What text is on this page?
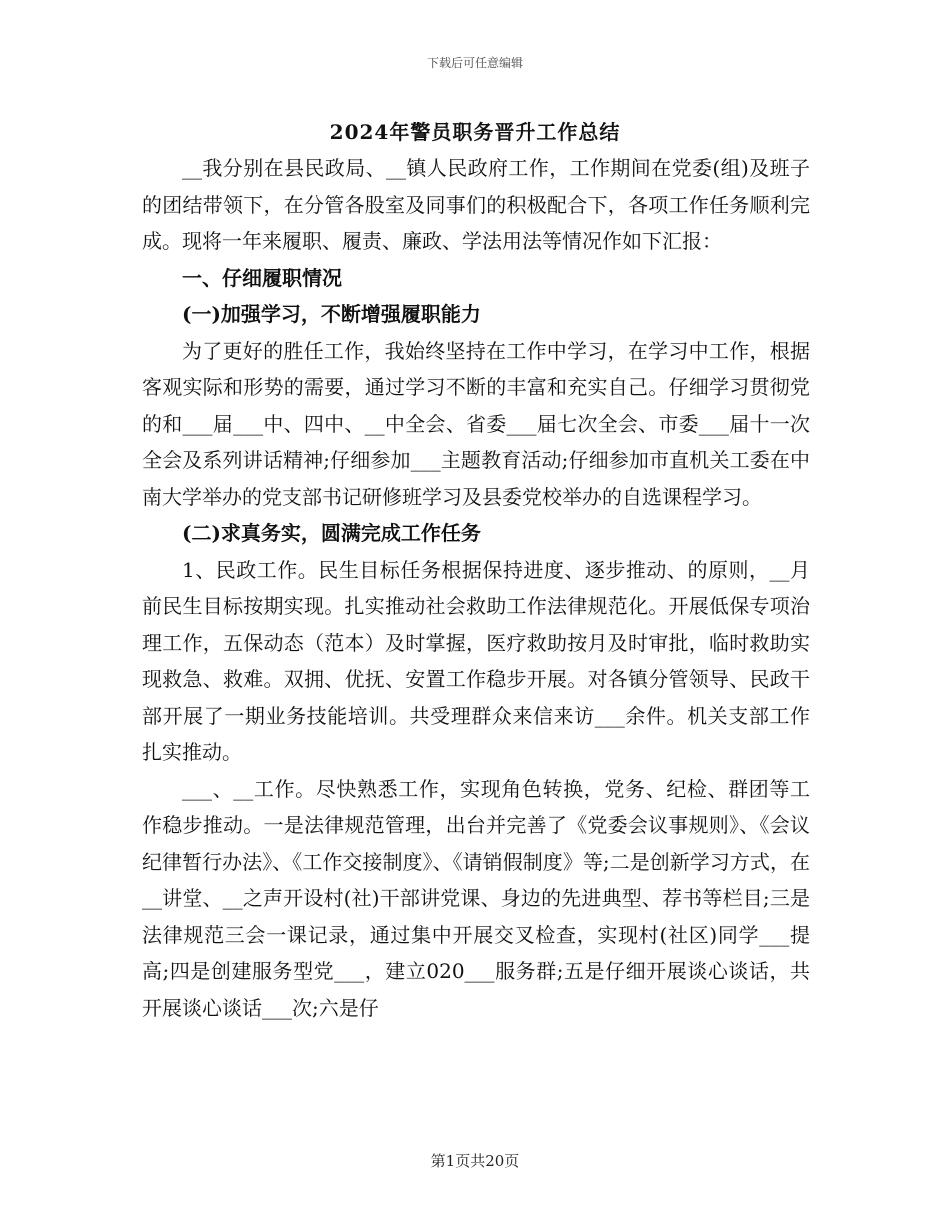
下载后可任意编辑
2024年警员职务晋升工作总结

__我分别在县民政局、__镇人民政府工作，工作期间在党委(组)及班子的团结带领下，在分管各股室及同事们的积极配合下，各项工作任务顺利完成。现将一年来履职、履责、廉政、学法用法等情况作如下汇报：

一、仔细履职情况

(一)加强学习，不断增强履职能力

为了更好的胜任工作，我始终坚持在工作中学习，在学习中工作，根据客观实际和形势的需要，通过学习不断的丰富和充实自己。仔细学习贯彻党的和___届___中、四中、__中全会、省委___届七次全会、市委___届十一次全会及系列讲话精神;仔细参加___主题教育活动;仔细参加市直机关工委在中南大学举办的党支部书记研修班学习及县委党校举办的自选课程学习。

(二)求真务实，圆满完成工作任务

1、民政工作。民生目标任务根据保持进度、逐步推动、的原则，__月前民生目标按期实现。扎实推动社会救助工作法律规范化。开展低保专项治理工作，五保动态（范本）及时掌握，医疗救助按月及时审批，临时救助实现救急、救难。双拥、优抚、安置工作稳步开展。对各镇分管领导、民政干部开展了一期业务技能培训。共受理群众来信来访___余件。机关支部工作扎实推动。

___、__工作。尽快熟悉工作，实现角色转换，党务、纪检、群团等工作稳步推动。一是法律规范管理，出台并完善了《党委会议事规则》、《会议纪律暂行办法》、《工作交接制度》、《请销假制度》等;二是创新学习方式，在__讲堂、__之声开设村(社)干部讲党课、身边的先进典型、荐书等栏目;三是法律规范三会一课记录，通过集中开展交叉检查，实现村(社区)同学___提高;四是创建服务型党___，建立020___服务群;五是仔细开展谈心谈话，共开展谈心谈话___次;六是仔

第1页共20页
